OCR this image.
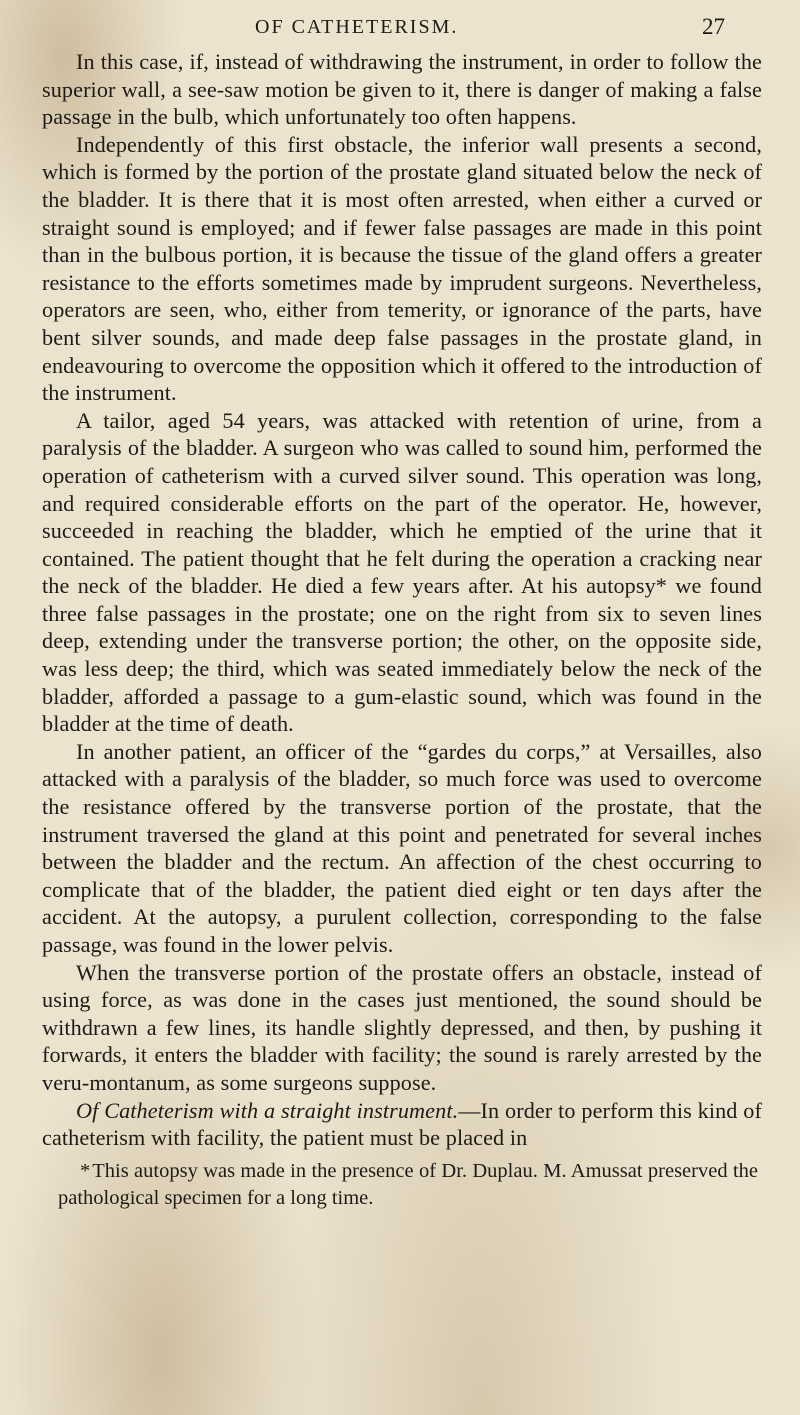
OF CATHETERISM.	27

In this case, if, instead of withdrawing the instrument, in order to follow the superior wall, a see-saw motion be given to it, there is danger of making a false passage in the bulb, which unfortunately too often happens.

Independently of this first obstacle, the inferior wall presents a second, which is formed by the portion of the prostate gland situated below the neck of the bladder. It is there that it is most often arrested, when either a curved or straight sound is employed; and if fewer false passages are made in this point than in the bulbous portion, it is because the tissue of the gland offers a greater resistance to the efforts sometimes made by imprudent surgeons. Nevertheless, operators are seen, who, either from temerity, or ignorance of the parts, have bent silver sounds, and made deep false passages in the prostate gland, in endeavouring to overcome the opposition which it offered to the introduction of the instrument.

A tailor, aged 54 years, was attacked with retention of urine, from a paralysis of the bladder. A surgeon who was called to sound him, performed the operation of catheterism with a curved silver sound. This operation was long, and required considerable efforts on the part of the operator. He, however, succeeded in reaching the bladder, which he emptied of the urine that it contained. The patient thought that he felt during the operation a cracking near the neck of the bladder. He died a few years after. At his autopsy* we found three false passages in the prostate; one on the right from six to seven lines deep, extending under the transverse portion; the other, on the opposite side, was less deep; the third, which was seated immediately below the neck of the bladder, afforded a passage to a gum-elastic sound, which was found in the bladder at the time of death.

In another patient, an officer of the “gardes du corps,” at Versailles, also attacked with a paralysis of the bladder, so much force was used to overcome the resistance offered by the transverse portion of the prostate, that the instrument traversed the gland at this point and penetrated for several inches between the bladder and the rectum. An affection of the chest occurring to complicate that of the bladder, the patient died eight or ten days after the accident. At the autopsy, a purulent collection, corresponding to the false passage, was found in the lower pelvis.

When the transverse portion of the prostate offers an obstacle, instead of using force, as was done in the cases just mentioned, the sound should be withdrawn a few lines, its handle slightly depressed, and then, by pushing it forwards, it enters the bladder with facility; the sound is rarely arrested by the veru-montanum, as some surgeons suppose.

Of Catheterism with a straight instrument.—In order to perform this kind of catheterism with facility, the patient must be placed in

*This autopsy was made in the presence of Dr. Duplau. M. Amussat preserved the pathological specimen for a long time.
